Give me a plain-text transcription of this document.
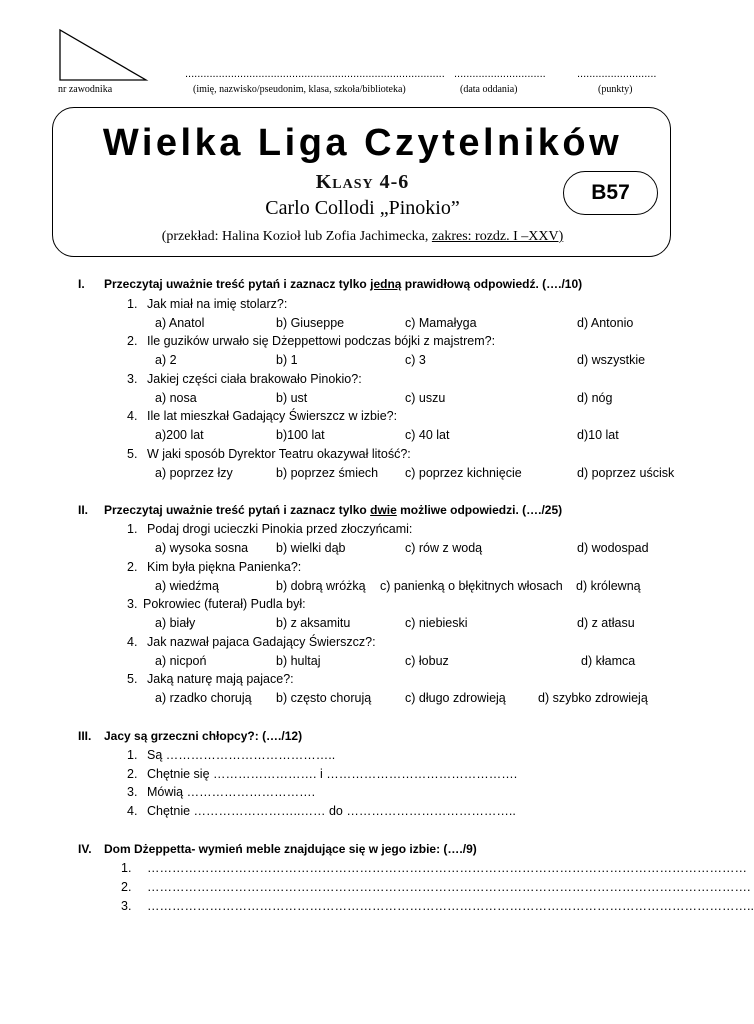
..................................................................................... ..............................	..........................
nr zawodnika	(imię, nazwisko/pseudonim, klasa, szkoła/biblioteka)	(data oddania)	(punkty)
Wielka Liga Czytelników
Klasy 4-6
Carlo Collodi „Pinokio”
(przekład: Halina Kozioł lub Zofia Jachimecka, zakres: rozdz. I –XXV)
B57
I. Przeczytaj uważnie treść pytań i zaznacz tylko jedną prawidłową odpowiedź. (…./10)
1. Jak miał na imię stolarz?:
a) Anatol	b) Giuseppe	c) Mamałyga	d) Antonio
2. Ile guzików urwało się Dżeppettowi podczas bójki z majstrem?:
a) 2	b) 1	c) 3	d) wszystkie
3. Jakiej części ciała brakowało Pinokio?:
a) nosa	b) ust	c) uszu	d) nóg
4. Ile lat mieszkał Gadający Świerszcz w izbie?:
a)200 lat	b)100 lat	c) 40 lat	d)10 lat
5. W jaki sposób Dyrektor Teatru okazywał litość?:
a) poprzez łzy	b) poprzez śmiech c) poprzez kichnięcie	d) poprzez uścisk
II. Przeczytaj uważnie treść pytań i zaznacz tylko dwie możliwe odpowiedzi. (…./25)
1. Podaj drogi ucieczki Pinokia przed złoczyńcami:
a) wysoka sosna b) wielki dąb	c) rów z wodą	d) wodospad
2. Kim była piękna Panienka?:
a) wiedźmą	b) dobrą wróżką c) panienką o błękitnych włosach d) królewną
3. Pokrowiec (futerał) Pudla był:
a) biały	b) z aksamitu	c) niebieski	d) z atłasu
4. Jak nazwał pajaca Gadający Świerszcz?:
a) nicpoń	b) hultaj	c) łobuz	d) kłamca
5. Jaką naturę mają pajace?:
a) rzadko chorują b) często chorują	c) długo zdrowieją	d) szybko zdrowieją
III. Jacy są grzeczni chłopcy?: (…./12)
1. Są …………………………………..
2. Chętnie się ……………………. i ……………………………………….
3. Mówią ………………………….
4. Chętnie ……………………..…… do …………………………………..
IV. Dom Dżeppetta- wymień meble znajdujące się w jego izbie: (…./9)
1. ………………………………………………………………………………………………………………………………
2. ……………………………………………………………………………………………………………………………….
3. ………………………………………………………………………………………………………………………………..
